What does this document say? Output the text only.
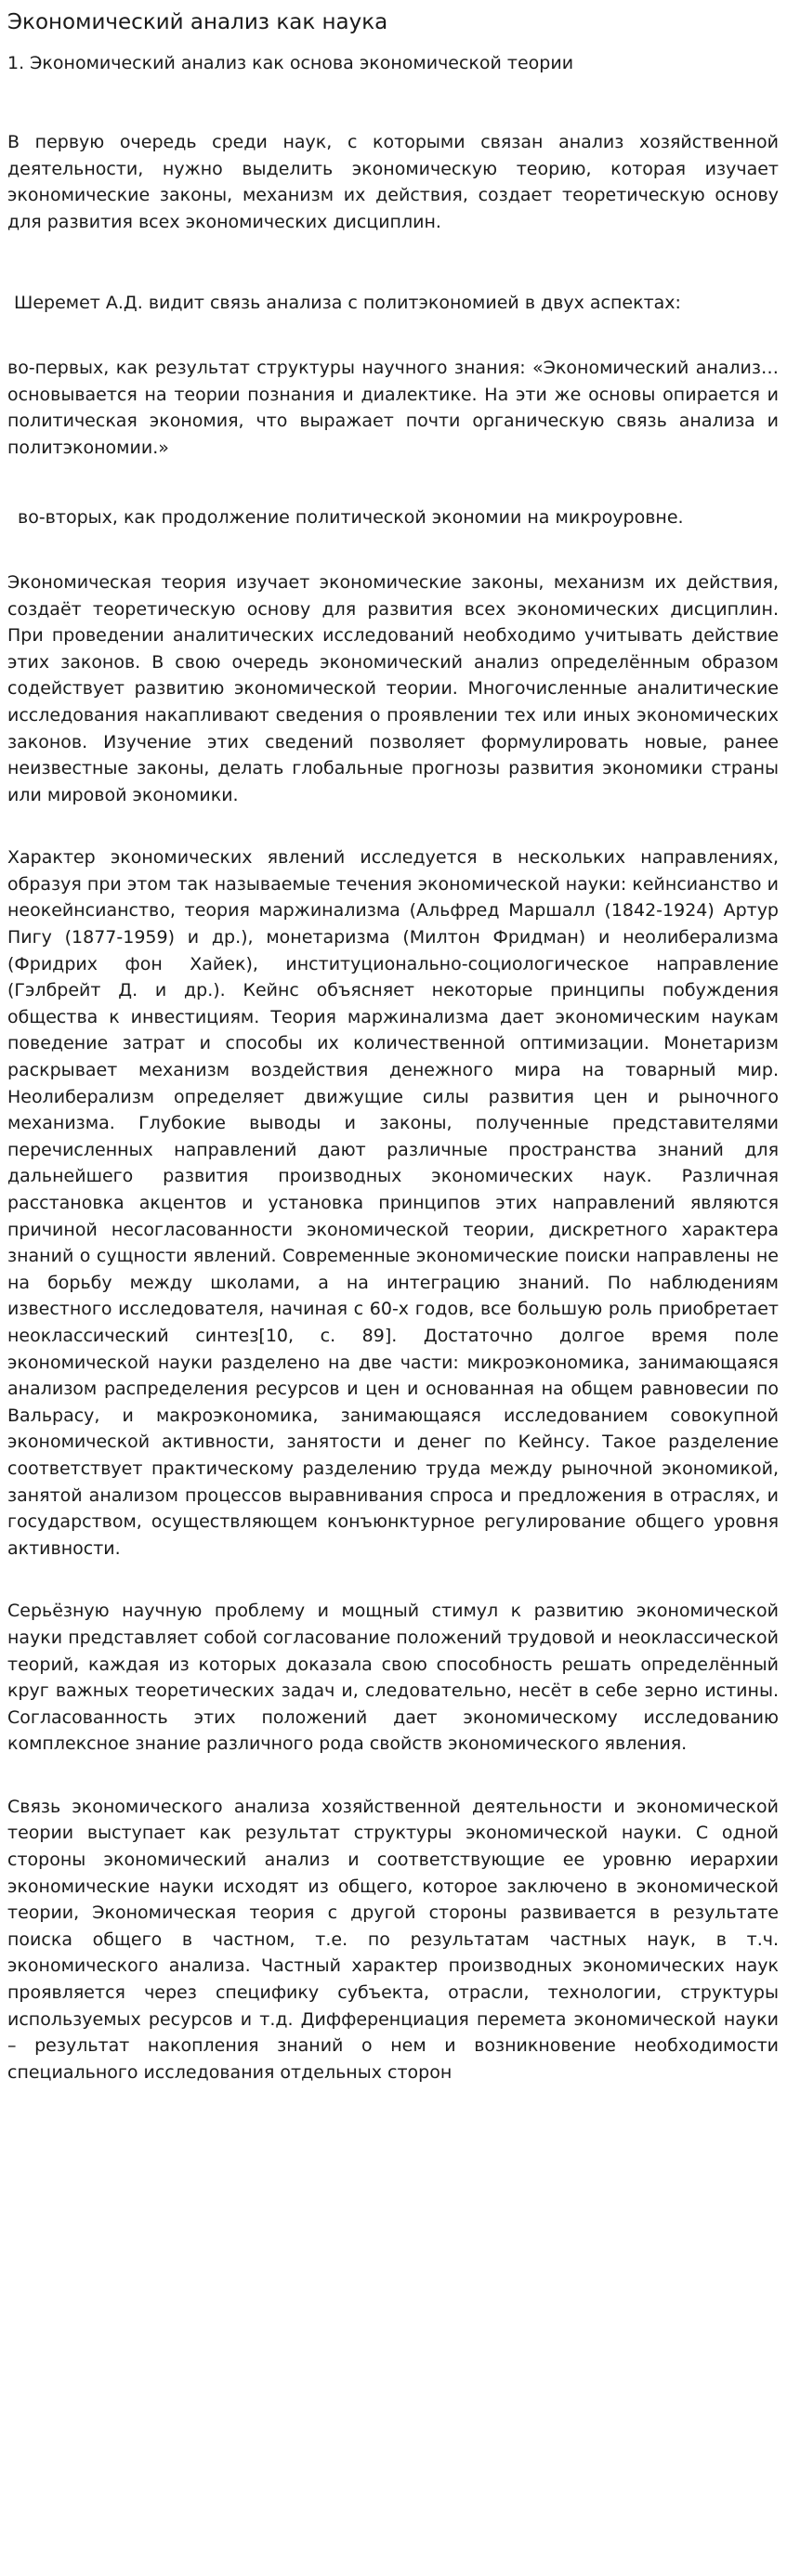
Экономический анализ как наука
1. Экономический анализ как основа экономической теории

В первую очередь среди наук, с которыми связан анализ хозяйственной деятельности, нужно выделить экономическую теорию, которая изучает экономические законы, механизм их действия, создает теоретическую основу для развития всех экономических дисциплин.

Шеремет А.Д. видит связь анализа с политэкономией в двух аспектах:

во-первых, как результат структуры научного знания: «Экономический анализ… основывается на теории познания и диалектике. На эти же основы опирается и политическая экономия, что выражает почти органическую связь анализа и политэкономии.»

во-вторых, как продолжение политической экономии на микроуровне.

Экономическая теория изучает экономические законы, механизм их действия, создаёт теоретическую основу для развития всех экономических дисциплин. При проведении аналитических исследований необходимо учитывать действие этих законов. В свою очередь экономический анализ определённым образом содействует развитию экономической теории. Многочисленные аналитические исследования накапливают сведения о проявлении тех или иных экономических законов. Изучение этих сведений позволяет формулировать новые, ранее неизвестные законы, делать глобальные прогнозы развития экономики страны или мировой экономики.

Характер экономических явлений исследуется в нескольких направлениях, образуя при этом так называемые течения экономической науки: кейнсианство и неокейнсианство, теория маржинализма (Альфред Маршалл (1842-1924) Артур Пигу (1877-1959) и др.), монетаризма (Милтон Фридман) и неолиберализма (Фридрих фон Хайек), институционально-социологическое направление (Гэлбрейт Д. и др.). Кейнс объясняет некоторые принципы побуждения общества к инвестициям. Теория маржинализма дает экономическим наукам поведение затрат и способы их количественной оптимизации. Монетаризм раскрывает механизм воздействия денежного мира на товарный мир. Неолиберализм определяет движущие силы развития цен и рыночного механизма. Глубокие выводы и законы, полученные представителями перечисленных направлений дают различные пространства знаний для дальнейшего развития производных экономических наук. Различная расстановка акцентов и установка принципов этих направлений являются причиной несогласованности экономической теории, дискретного характера знаний о сущности явлений. Современные экономические поиски направлены не на борьбу между школами, а на интеграцию знаний. По наблюдениям известного исследователя, начиная с 60-х годов, все большую роль приобретает неоклассический синтез[10, с. 89]. Достаточно долгое время поле экономической науки разделено на две части: микроэкономика, занимающаяся анализом распределения ресурсов и цен и основанная на общем равновесии по Вальрасу, и макроэкономика, занимающаяся исследованием совокупной экономической активности, занятости и денег по Кейнсу. Такое разделение соответствует практическому разделению труда между рыночной экономикой, занятой анализом процессов выравнивания спроса и предложения в отраслях, и государством, осуществляющем конъюнктурное регулирование общего уровня активности.

Серьёзную научную проблему и мощный стимул к развитию экономической науки представляет собой согласование положений трудовой и неоклассической теорий, каждая из которых доказала свою способность решать определённый круг важных теоретических задач и, следовательно, несёт в себе зерно истины. Согласованность этих положений дает экономическому исследованию комплексное знание различного рода свойств экономического явления.

Связь экономического анализа хозяйственной деятельности и экономической теории выступает как результат структуры экономической науки. С одной стороны экономический анализ и соответствующие ее уровню иерархии экономические науки исходят из общего, которое заключено в экономической теории, Экономическая теория с другой стороны развивается в результате поиска общего в частном, т.е. по результатам частных наук, в т.ч. экономического анализа. Частный характер производных экономических наук проявляется через специфику субъекта, отрасли, технологии, структуры используемых ресурсов и т.д. Дифференциация перемета экономической науки – результат накопления знаний о нем и возникновение необходимости специального исследования отдельных сторон
